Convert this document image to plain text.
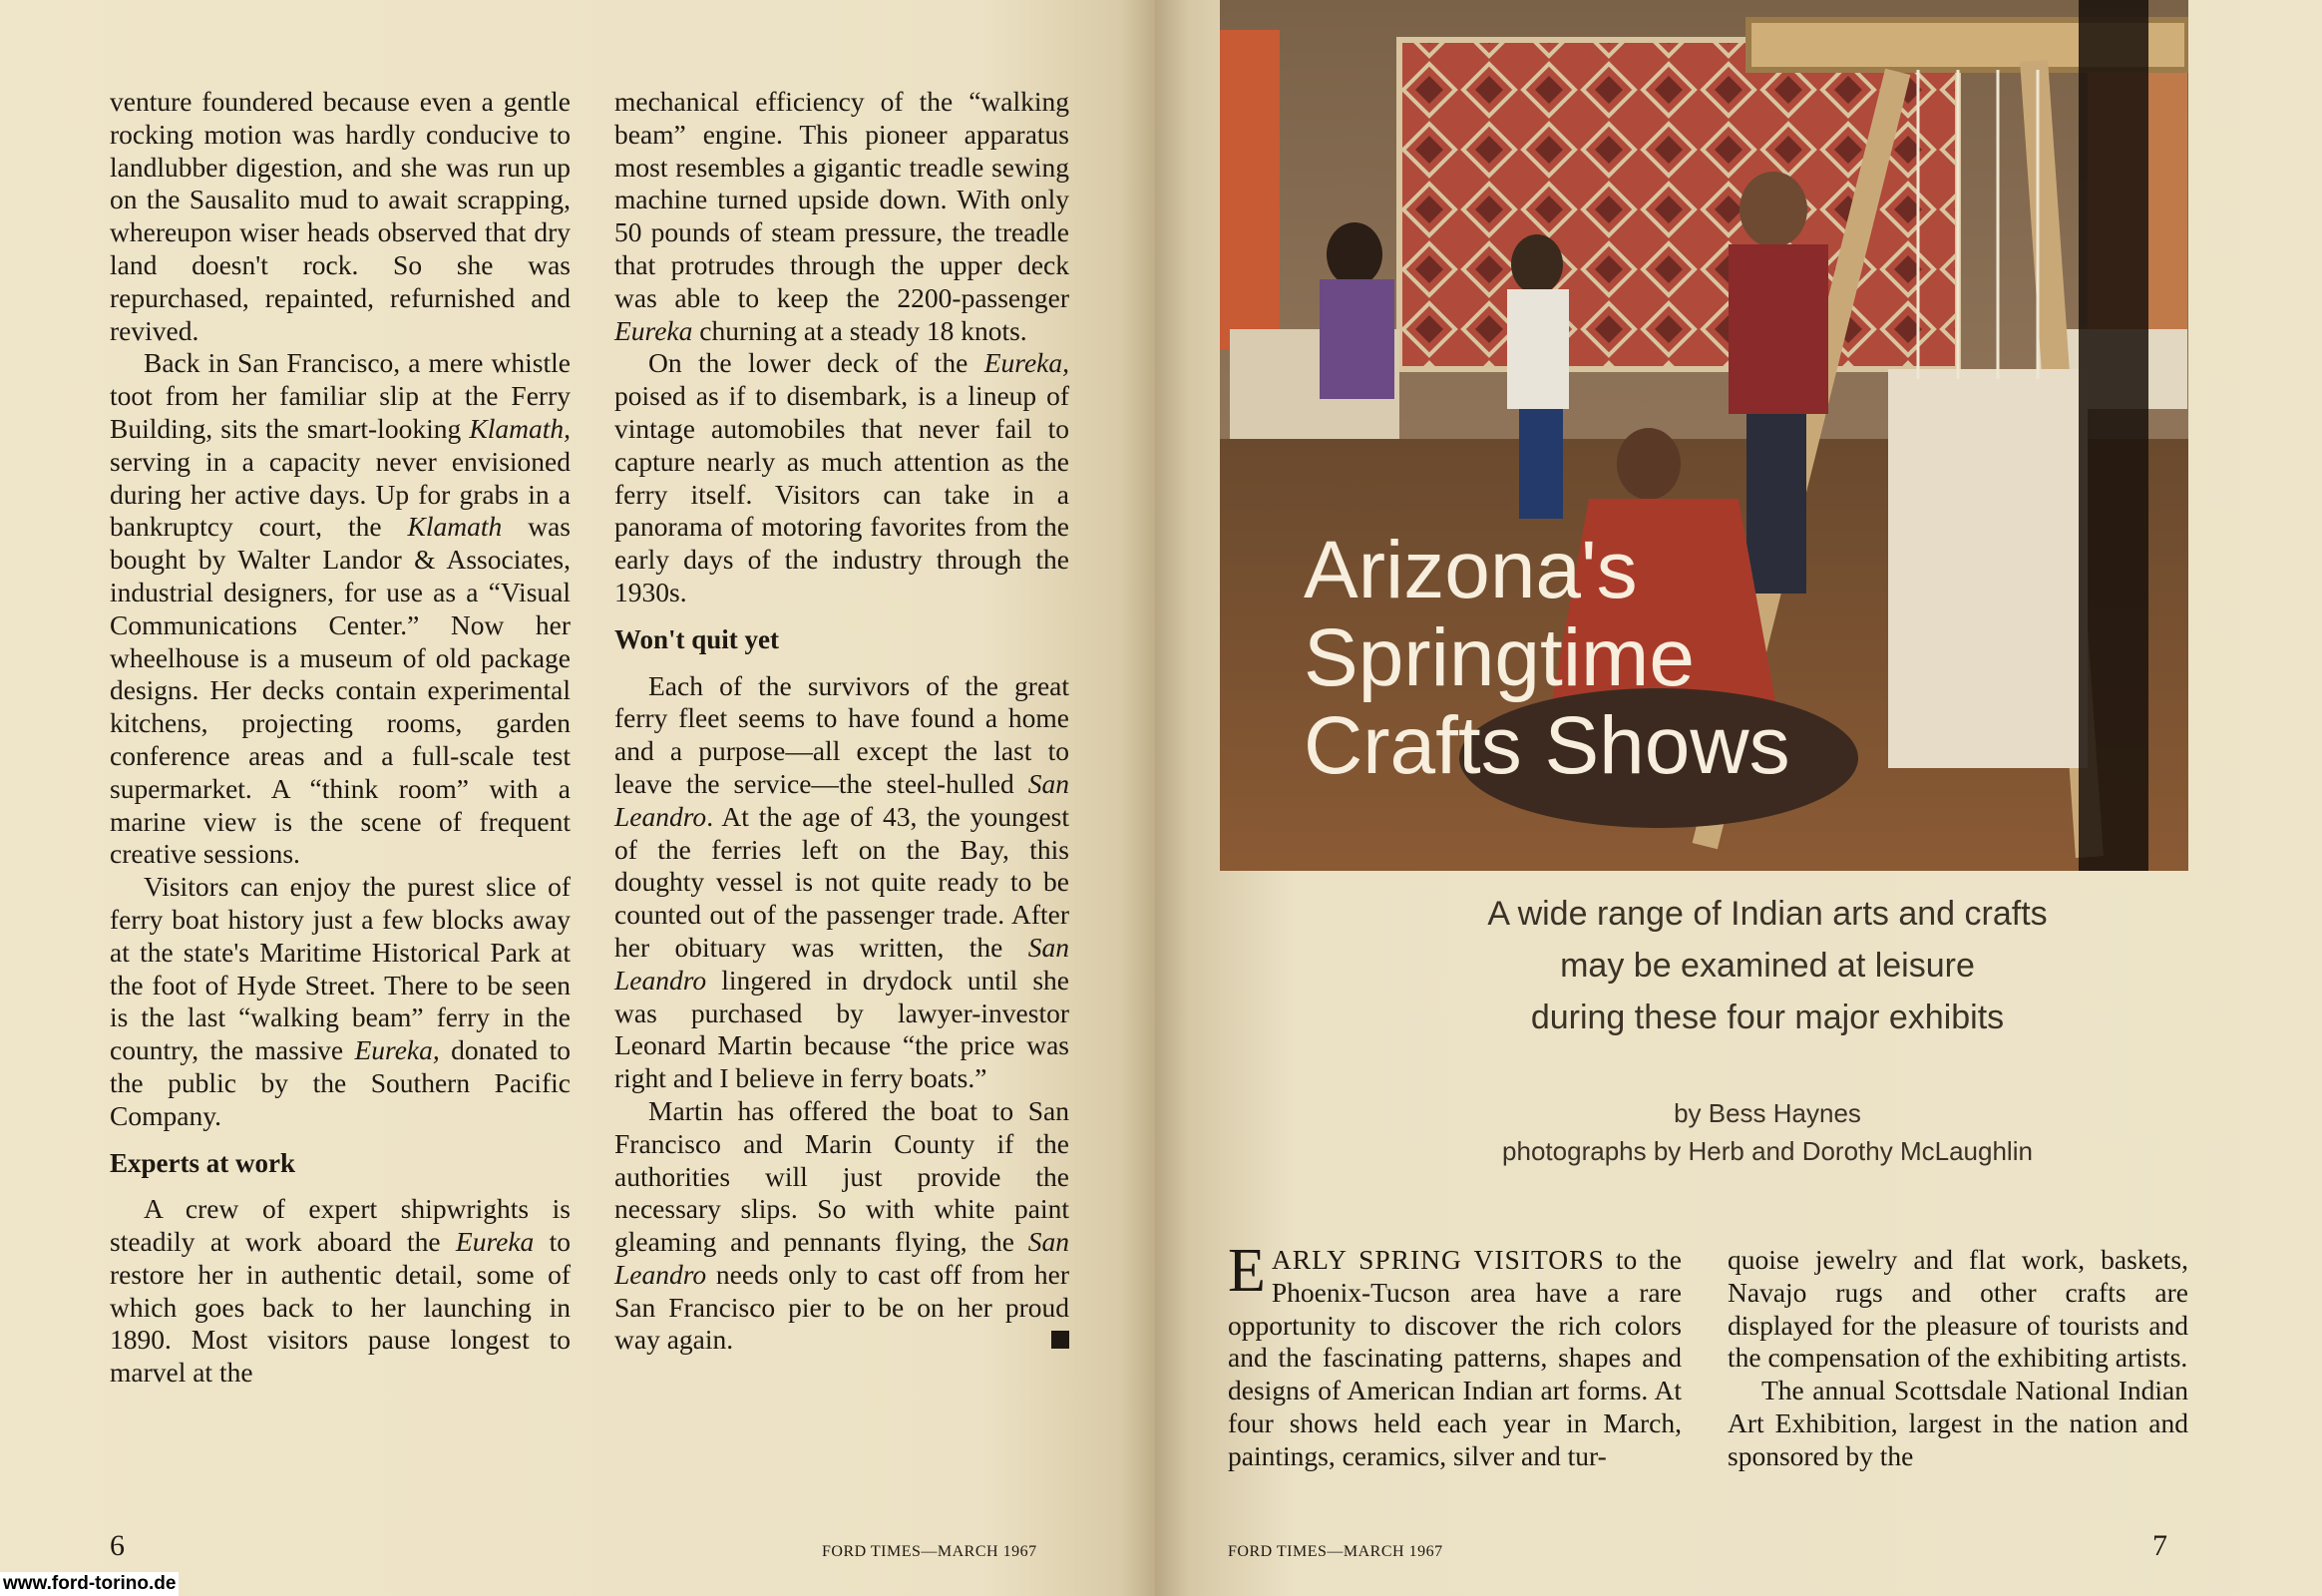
venture foundered because even a gentle rocking motion was hardly conducive to landlubber digestion, and she was run up on the Sausalito mud to await scrapping, whereupon wiser heads observed that dry land doesn't rock. So she was repurchased, repainted, refurnished and revived.

Back in San Francisco, a mere whistle toot from her familiar slip at the Ferry Building, sits the smart-looking Klamath, serving in a capacity never envisioned during her active days. Up for grabs in a bankruptcy court, the Klamath was bought by Walter Landor & Associates, industrial designers, for use as a “Visual Communications Center.” Now her wheelhouse is a museum of old package designs. Her decks contain experimental kitchens, projecting rooms, garden conference areas and a full-scale test supermarket. A “think room” with a marine view is the scene of frequent creative sessions.

Visitors can enjoy the purest slice of ferry boat history just a few blocks away at the state's Maritime Historical Park at the foot of Hyde Street. There to be seen is the last “walking beam” ferry in the country, the massive Eureka, donated to the public by the Southern Pacific Company.

Experts at work

A crew of expert shipwrights is steadily at work aboard the Eureka to restore her in authentic detail, some of which goes back to her launching in 1890. Most visitors pause longest to marvel at the

mechanical efficiency of the “walking beam” engine. This pioneer apparatus most resembles a gigantic treadle sewing machine turned upside down. With only 50 pounds of steam pressure, the treadle that protrudes through the upper deck was able to keep the 2200-passenger Eureka churning at a steady 18 knots.

On the lower deck of the Eureka, poised as if to disembark, is a lineup of vintage automobiles that never fail to capture nearly as much attention as the ferry itself. Visitors can take in a panorama of motoring favorites from the early days of the industry through the 1930s.

Won't quit yet

Each of the survivors of the great ferry fleet seems to have found a home and a purpose—all except the last to leave the service—the steel-hulled San Leandro. At the age of 43, the youngest of the ferries left on the Bay, this doughty vessel is not quite ready to be counted out of the passenger trade. After her obituary was written, the San Leandro lingered in drydock until she was purchased by lawyer-investor Leonard Martin because “the price was right and I believe in ferry boats.”

Martin has offered the boat to San Francisco and Marin County if the authorities will just provide the necessary slips. So with white paint gleaming and pennants flying, the San Leandro needs only to cast off from her San Francisco pier to be on her proud way again.

6	FORD TIMES—MARCH 1967
www.ford-torino.de
Arizona's
Springtime
Crafts Shows
A wide range of Indian arts and crafts
may be examined at leisure
during these four major exhibits
by Bess Haynes
photographs by Herb and Dorothy McLaughlin

EARLY SPRING VISITORS to the Phoenix-Tucson area have a rare opportunity to discover the rich colors and the fascinating patterns, shapes and designs of American Indian art forms. At four shows held each year in March, paintings, ceramics, silver and tur-

quoise jewelry and flat work, baskets, Navajo rugs and other crafts are displayed for the pleasure of tourists and the compensation of the exhibiting artists.

The annual Scottsdale National Indian Art Exhibition, largest in the nation and sponsored by the

FORD TIMES—MARCH 1967	7
